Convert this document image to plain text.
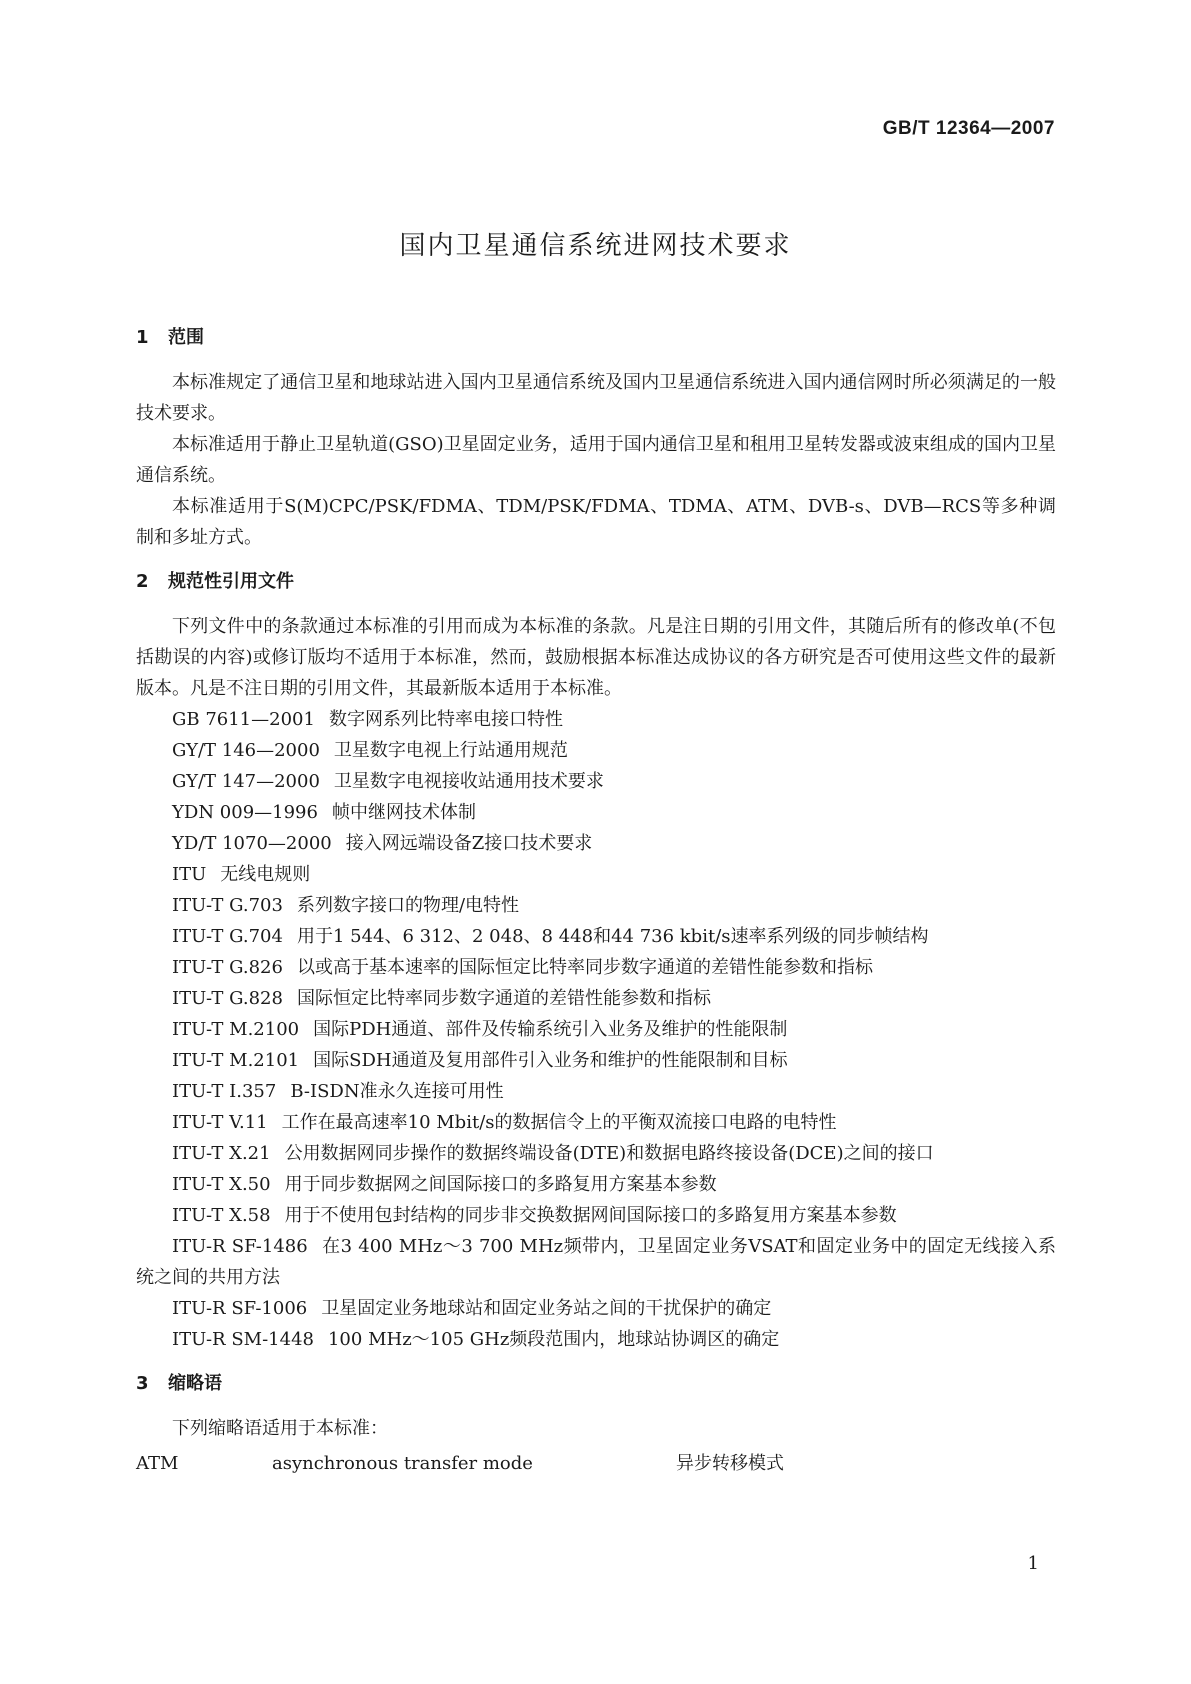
GB/T 12364—2007
国内卫星通信系统进网技术要求
1 范围

本标准规定了通信卫星和地球站进入国内卫星通信系统及国内卫星通信系统进入国内通信网时所必须满足的一般技术要求。

本标准适用于静止卫星轨道(GSO)卫星固定业务，适用于国内通信卫星和租用卫星转发器或波束组成的国内卫星通信系统。

本标准适用于S(M)CPC/PSK/FDMA、TDM/PSK/FDMA、TDMA、ATM、DVB-s、DVB—RCS等多种调制和多址方式。

2 规范性引用文件

下列文件中的条款通过本标准的引用而成为本标准的条款。凡是注日期的引用文件，其随后所有的修改单(不包括勘误的内容)或修订版均不适用于本标准，然而，鼓励根据本标准达成协议的各方研究是否可使用这些文件的最新版本。凡是不注日期的引用文件，其最新版本适用于本标准。

GB 7611—2001 数字网系列比特率电接口特性

GY/T 146—2000 卫星数字电视上行站通用规范

GY/T 147—2000 卫星数字电视接收站通用技术要求

YDN 009—1996 帧中继网技术体制

YD/T 1070—2000 接入网远端设备Z接口技术要求

ITU 无线电规则

ITU-T G.703 系列数字接口的物理/电特性

ITU-T G.704 用于1 544、6 312、2 048、8 448和44 736 kbit/s速率系列级的同步帧结构

ITU-T G.826 以或高于基本速率的国际恒定比特率同步数字通道的差错性能参数和指标

ITU-T G.828 国际恒定比特率同步数字通道的差错性能参数和指标

ITU-T M.2100 国际PDH通道、部件及传输系统引入业务及维护的性能限制

ITU-T M.2101 国际SDH通道及复用部件引入业务和维护的性能限制和目标

ITU-T I.357 B-ISDN准永久连接可用性

ITU-T V.11 工作在最高速率10 Mbit/s的数据信令上的平衡双流接口电路的电特性

ITU-T X.21 公用数据网同步操作的数据终端设备(DTE)和数据电路终接设备(DCE)之间的接口

ITU-T X.50 用于同步数据网之间国际接口的多路复用方案基本参数

ITU-T X.58 用于不使用包封结构的同步非交换数据网间国际接口的多路复用方案基本参数

ITU-R SF-1486 在3 400 MHz～3 700 MHz频带内，卫星固定业务VSAT和固定业务中的固定无线接入系统之间的共用方法

ITU-R SF-1006 卫星固定业务地球站和固定业务站之间的干扰保护的确定

ITU-R SM-1448 100 MHz～105 GHz频段范围内，地球站协调区的确定

3 缩略语

下列缩略语适用于本标准：

ATM	asynchronous transfer mode	异步转移模式
1
